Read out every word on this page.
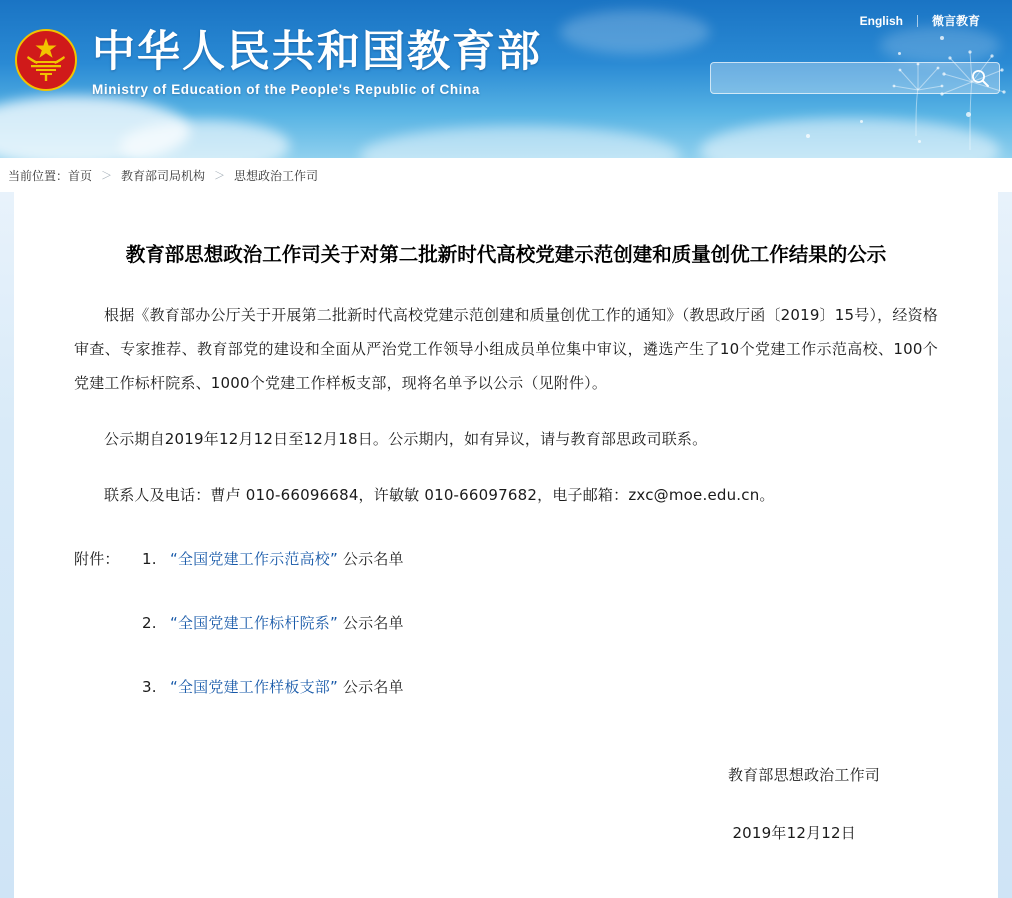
English	微言教育
中华人民共和国教育部
Ministry of Education of the People's Republic of China
当前位置： 首页 ＞ 教育部司局机构 ＞ 思想政治工作司
教育部思想政治工作司关于对第二批新时代高校党建示范创建和质量创优工作结果的公示

根据《教育部办公厅关于开展第二批新时代高校党建示范创建和质量创优工作的通知》（教思政厅函〔2019〕15号），经资格审查、专家推荐、教育部党的建设和全面从严治党工作领导小组成员单位集中审议，遴选产生了10个党建工作示范高校、100个党建工作标杆院系、1000个党建工作样板支部，现将名单予以公示（见附件）。

公示期自2019年12月12日至12月18日。公示期内，如有异议，请与教育部思政司联系。

联系人及电话：曹卢 010-66096684，许敏敏 010-66097682，电子邮箱：zxc@moe.edu.cn。

附件：	1. “全国党建工作示范高校” 公示名单
2. “全国党建工作标杆院系” 公示名单
3. “全国党建工作样板支部” 公示名单
教育部思想政治工作司
2019年12月12日
